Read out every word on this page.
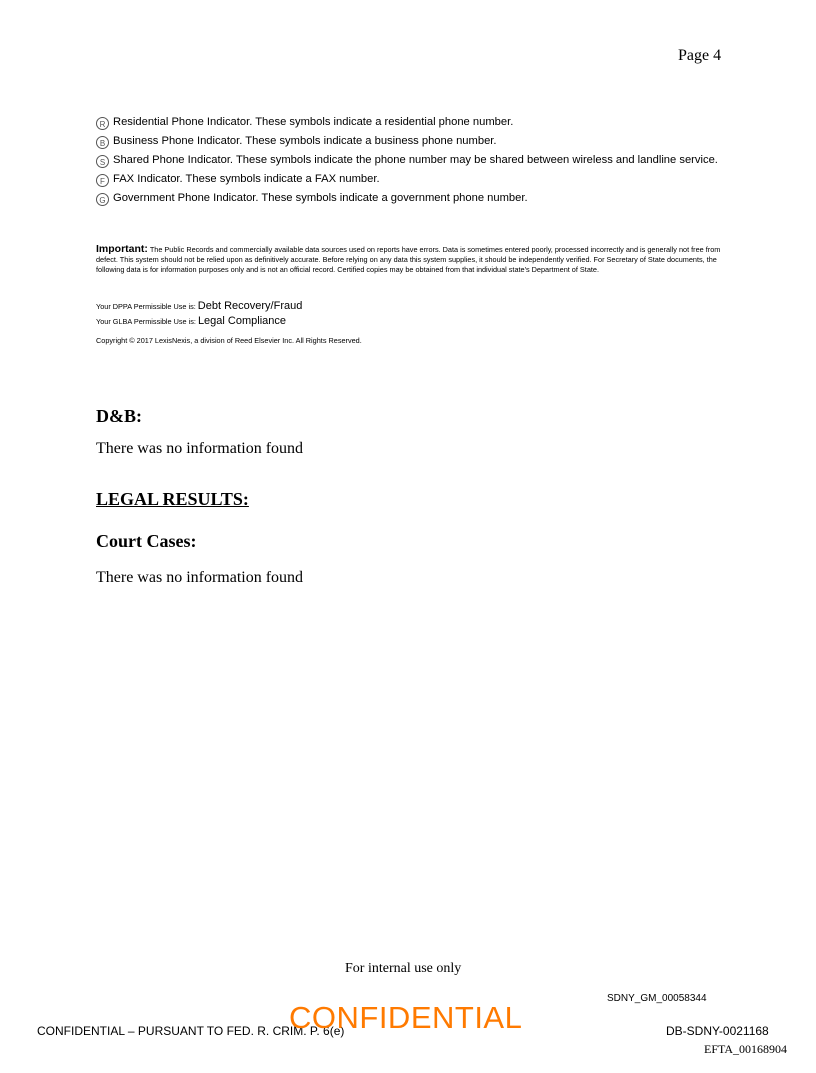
Page 4
R Residential Phone Indicator. These symbols indicate a residential phone number.
B Business Phone Indicator. These symbols indicate a business phone number.
S Shared Phone Indicator. These symbols indicate the phone number may be shared between wireless and landline service.
F FAX Indicator. These symbols indicate a FAX number.
G Government Phone Indicator. These symbols indicate a government phone number.
Important: The Public Records and commercially available data sources used on reports have errors. Data is sometimes entered poorly, processed incorrectly and is generally not free from defect. This system should not be relied upon as definitively accurate. Before relying on any data this system supplies, it should be independently verified. For Secretary of State documents, the following data is for information purposes only and is not an official record. Certified copies may be obtained from that individual state's Department of State.
Your DPPA Permissible Use is: Debt Recovery/Fraud
Your GLBA Permissible Use is: Legal Compliance
Copyright © 2017 LexisNexis, a division of Reed Elsevier Inc. All Rights Reserved.
D&B:
There was no information found
LEGAL RESULTS:
Court Cases:
There was no information found
For internal use only
SDNY_GM_00058344
CONFIDENTIAL – PURSUANT TO FED. R. CRIM. P. 6(e)
CONFIDENTIAL	DB-SDNY-0021168
EFTA_00168904
